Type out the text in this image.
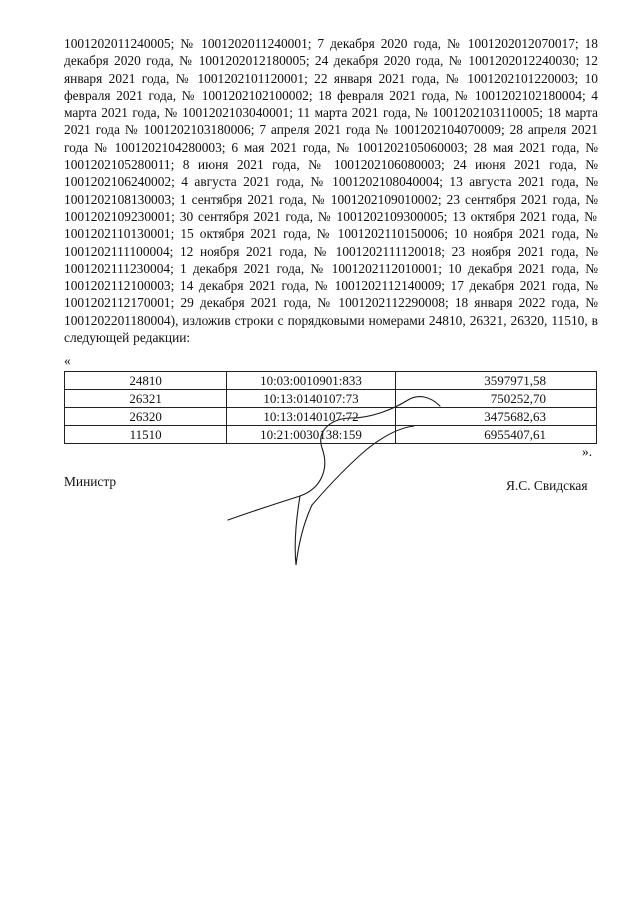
1001202011240005; № 1001202011240001; 7 декабря 2020 года, № 1001202012070017; 18 декабря 2020 года, № 1001202012180005; 24 декабря 2020 года, № 1001202012240030; 12 января 2021 года, № 1001202101120001; 22 января 2021 года, № 1001202101220003; 10 февраля 2021 года, № 1001202102100002; 18 февраля 2021 года, № 1001202102180004; 4 марта 2021 года, № 1001202103040001; 11 марта 2021 года, № 1001202103110005; 18 марта 2021 года № 1001202103180006; 7 апреля 2021 года № 1001202104070009; 28 апреля 2021 года № 1001202104280003; 6 мая 2021 года, № 1001202105060003; 28 мая 2021 года, № 1001202105280011; 8 июня 2021 года, № 1001202106080003; 24 июня 2021 года, № 1001202106240002; 4 августа 2021 года, № 1001202108040004; 13 августа 2021 года, № 1001202108130003; 1 сентября 2021 года, № 1001202109010002; 23 сентября 2021 года, № 1001202109230001; 30 сентября 2021 года, № 1001202109300005; 13 октября 2021 года, № 1001202110130001; 15 октября 2021 года, № 1001202110150006; 10 ноября 2021 года, № 1001202111100004; 12 ноября 2021 года, № 1001202111120018; 23 ноября 2021 года, № 1001202111230004; 1 декабря 2021 года, № 1001202112010001; 10 декабря 2021 года, № 1001202112100003; 14 декабря 2021 года, № 1001202112140009; 17 декабря 2021 года, № 1001202112170001; 29 декабря 2021 года, № 1001202112290008; 18 января 2022 года, № 1001202201180004), изложив строки с порядковыми номерами 24810, 26321, 26320, 11510, в следующей редакции:
«
24810	10:03:0010901:833	3597971,58
26321	10:13:0140107:73	750252,70
26320	10:13:0140107:72	3475682,63
11510	10:21:0030138:159	6955407,61
».
Министр	Я.С. Свидская
